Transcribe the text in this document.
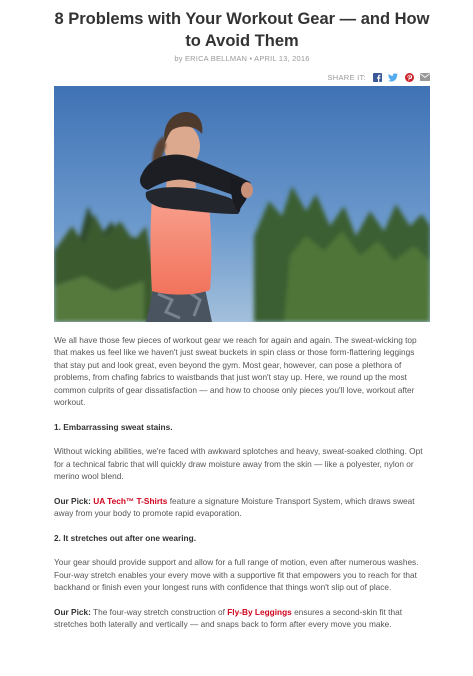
8 Problems with Your Workout Gear — and How to Avoid Them
by ERICA BELLMAN • APRIL 13, 2016
SHARE IT:

We all have those few pieces of workout gear we reach for again and again. The sweat-wicking top that makes us feel like we haven't just sweat buckets in spin class or those form-flattering leggings that stay put and look great, even beyond the gym. Most gear, however, can pose a plethora of problems, from chafing fabrics to waistbands that just won't stay up. Here, we round up the most common culprits of gear dissatisfaction — and how to choose only pieces you'll love, workout after workout.

1. Embarrassing sweat stains.

Without wicking abilities, we're faced with awkward splotches and heavy, sweat-soaked clothing. Opt for a technical fabric that will quickly draw moisture away from the skin — like a polyester, nylon or merino wool blend.

Our Pick: UA Tech™ T-Shirts feature a signature Moisture Transport System, which draws sweat away from your body to promote rapid evaporation.

2. It stretches out after one wearing.

Your gear should provide support and allow for a full range of motion, even after numerous washes. Four-way stretch enables your every move with a supportive fit that empowers you to reach for that backhand or finish even your longest runs with confidence that things won't slip out of place.

Our Pick: The four-way stretch construction of Fly-By Leggings ensures a second-skin fit that stretches both laterally and vertically — and snaps back to form after every move you make.
